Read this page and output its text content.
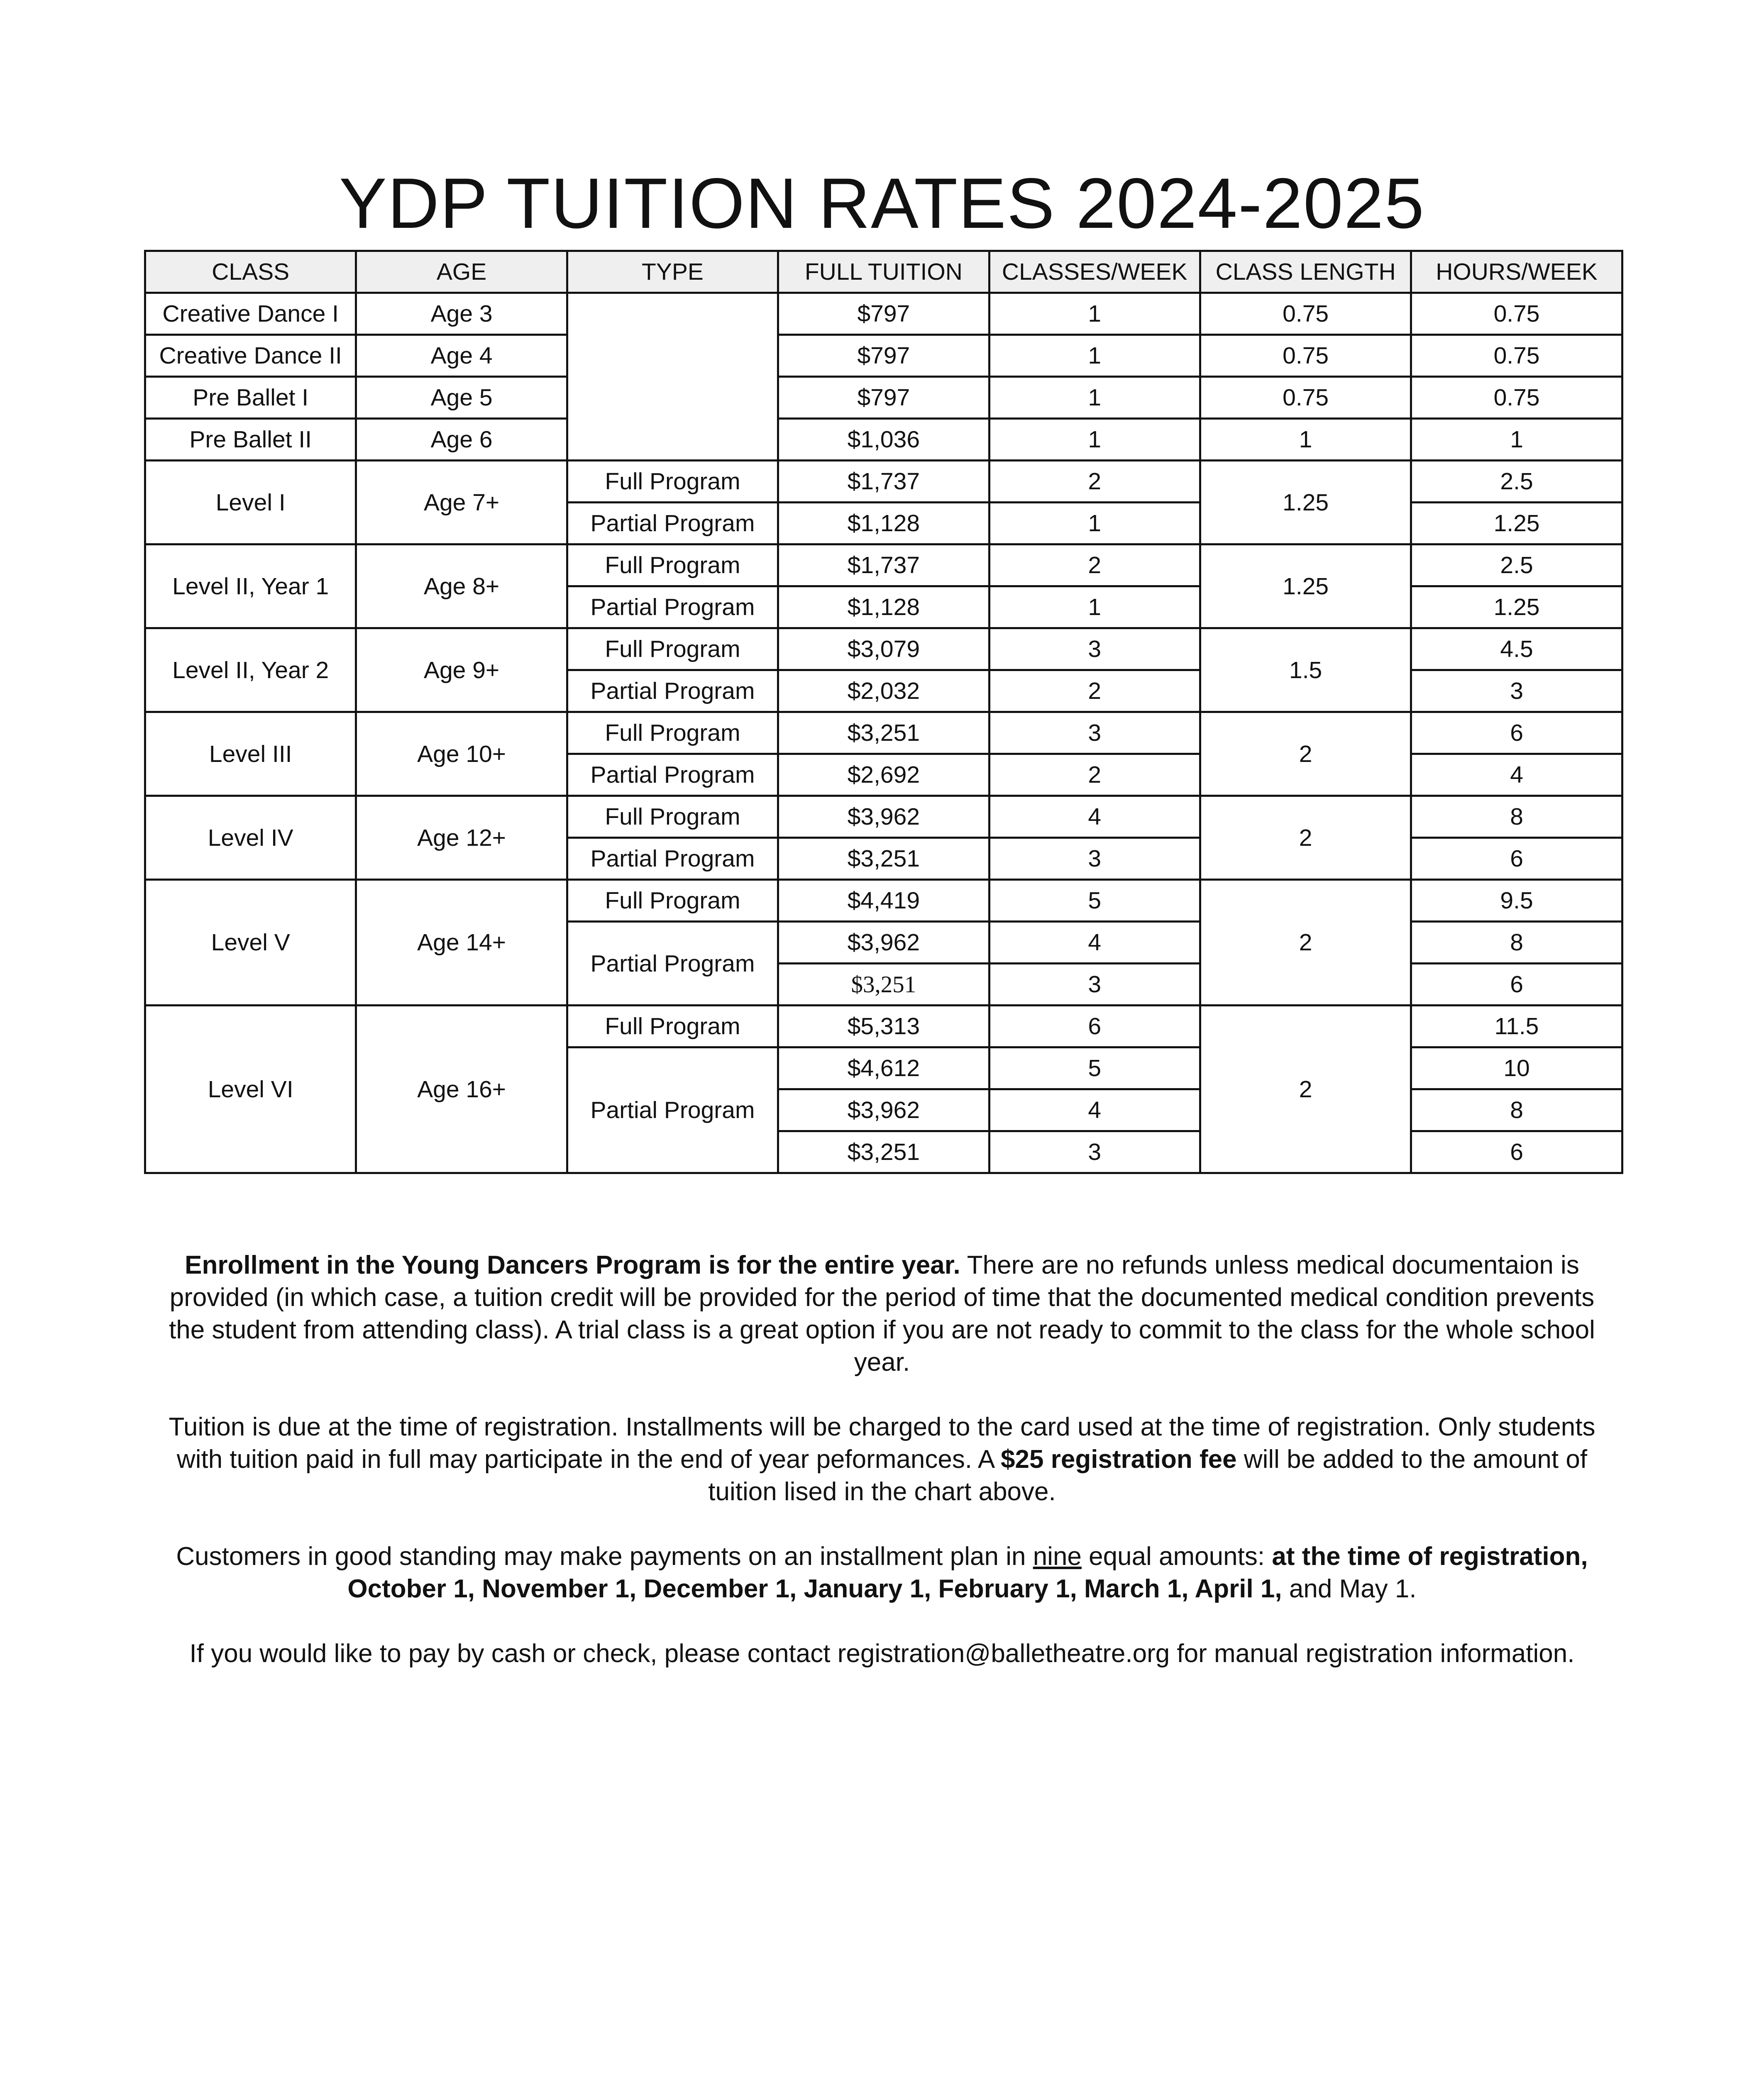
YDP TUITION RATES 2024-2025
CLASS	AGE	TYPE	FULL TUITION	CLASSES/WEEK	CLASS LENGTH	HOURS/WEEK
Creative Dance I	Age 3		$797	1	0.75	0.75
Creative Dance II	Age 4		$797	1	0.75	0.75
Pre Ballet I	Age 5		$797	1	0.75	0.75
Pre Ballet II	Age 6		$1,036	1	1	1
Level I	Age 7+	Full Program	$1,737	2	1.25	2.5
		Partial Program	$1,128	1		1.25
Level II, Year 1	Age 8+	Full Program	$1,737	2	1.25	2.5
		Partial Program	$1,128	1		1.25
Level II, Year 2	Age 9+	Full Program	$3,079	3	1.5	4.5
		Partial Program	$2,032	2		3
Level III	Age 10+	Full Program	$3,251	3	2	6
		Partial Program	$2,692	2		4
Level IV	Age 12+	Full Program	$3,962	4	2	8
		Partial Program	$3,251	3		6
Level V	Age 14+	Full Program	$4,419	5	2	9.5
		Partial Program	$3,962	4		8
			$3,251	3		6
Level VI	Age 16+	Full Program	$5,313	6	2	11.5
		Partial Program	$4,612	5		10
			$3,962	4		8
			$3,251	3		6

Enrollment in the Young Dancers Program is for the entire year. There are no refunds unless medical documentaion is provided (in which case, a tuition credit will be provided for the period of time that the documented medical condition prevents the student from attending class). A trial class is a great option if you are not ready to commit to the class for the whole school year.

Tuition is due at the time of registration. Installments will be charged to the card used at the time of registration. Only students with tuition paid in full may participate in the end of year peformances. A $25 registration fee will be added to the amount of tuition lised in the chart above.

Customers in good standing may make payments on an installment plan in nine equal amounts: at the time of registration, October 1, November 1, December 1, January 1, February 1, March 1, April 1, and May 1.

If you would like to pay by cash or check, please contact registration@balletheatre.org for manual registration information.
